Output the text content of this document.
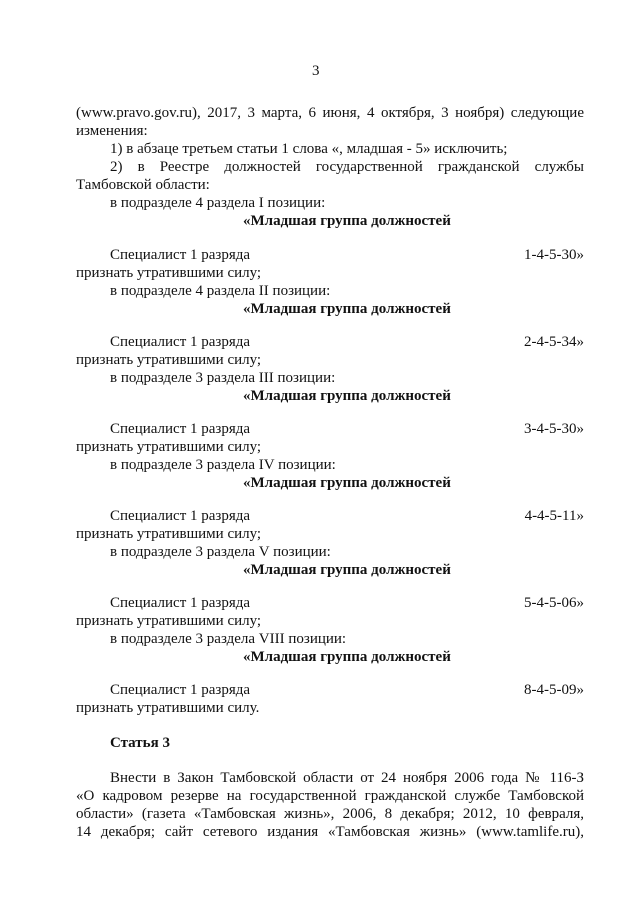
3
(www.pravo.gov.ru), 2017, 3 марта, 6 июня, 4 октября, 3 ноября) следующие
изменения:
1) в абзаце третьем статьи 1 слова «, младшая - 5» исключить;
2) в Реестре должностей государственной гражданской службы
Тамбовской области:
в подразделе 4 раздела I позиции:
«Младшая группа должностей
Специалист 1 разряда	1-4-5-30»
признать утратившими силу;
в подразделе 4 раздела II позиции:
«Младшая группа должностей
Специалист 1 разряда	2-4-5-34»
признать утратившими силу;
в подразделе 3 раздела III позиции:
«Младшая группа должностей
Специалист 1 разряда	3-4-5-30»
признать утратившими силу;
в подразделе 3 раздела IV позиции:
«Младшая группа должностей
Специалист 1 разряда	4-4-5-11»
признать утратившими силу;
в подразделе 3 раздела V позиции:
«Младшая группа должностей
Специалист 1 разряда	5-4-5-06»
признать утратившими силу;
в подразделе 3 раздела VIII позиции:
«Младшая группа должностей
Специалист 1 разряда	8-4-5-09»
признать утратившими силу.
Статья 3
Внести в Закон Тамбовской области от 24 ноября 2006 года № 116-З
«О кадровом резерве на государственной гражданской службе Тамбовской
области» (газета «Тамбовская жизнь», 2006, 8 декабря; 2012, 10 февраля,
14 декабря; сайт сетевого издания «Тамбовская жизнь» (www.tamlife.ru),
